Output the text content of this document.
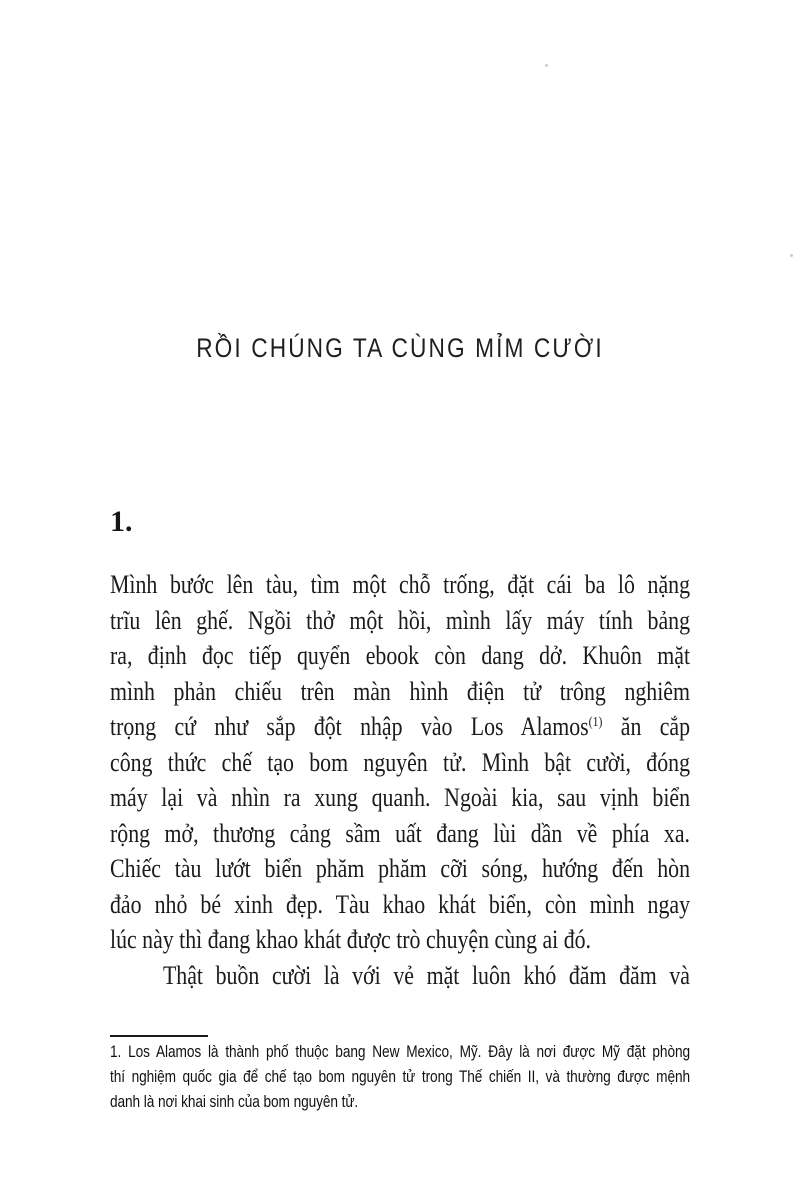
RỒI CHÚNG TA CÙNG MỈM CƯỜI
1.
Mình bước lên tàu, tìm một chỗ trống, đặt cái ba lô nặng
trĩu lên ghế. Ngồi thở một hồi, mình lấy máy tính bảng
ra, định đọc tiếp quyển ebook còn dang dở. Khuôn mặt
mình phản chiếu trên màn hình điện tử trông nghiêm
trọng cứ như sắp đột nhập vào Los Alamos$^{(1)}$ ăn cắp
công thức chế tạo bom nguyên tử. Mình bật cười, đóng
máy lại và nhìn ra xung quanh. Ngoài kia, sau vịnh biển
rộng mở, thương cảng sầm uất đang lùi dần về phía xa.
Chiếc tàu lướt biển phăm phăm cỡi sóng, hướng đến hòn
đảo nhỏ bé xinh đẹp. Tàu khao khát biển, còn mình ngay
lúc này thì đang khao khát được trò chuyện cùng ai đó.
Thật buồn cười là với vẻ mặt luôn khó đăm đăm và
1. Los Alamos là thành phố thuộc bang New Mexico, Mỹ. Đây là nơi được Mỹ đặt phòng
thí nghiệm quốc gia để chế tạo bom nguyên tử trong Thế chiến II, và thường được mệnh
danh là nơi khai sinh của bom nguyên tử.
